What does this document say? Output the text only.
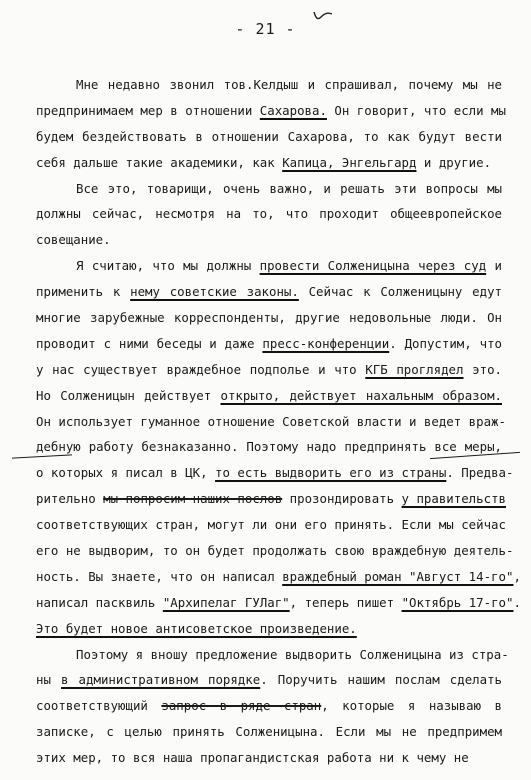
- 21 -
Мне недавно звонил тов.Келдыш и спрашивал, почему мы не
предпринимаем мер в отношении Сахарова. Он говорит, что если мы
будем бездействовать в отношении Сахарова, то как будут вести
себя дальше такие академики, как Капица, Энгельгард и другие.
Все это, товарищи, очень важно, и решать эти вопросы мы
должны сейчас, несмотря на то, что проходит общеевропейское
совещание.
Я считаю, что мы должны провести Солженицына через суд и
применить к нему советские законы. Сейчас к Солженицыну едут
многие зарубежные корреспонденты, другие недовольные люди. Он
проводит с ними беседы и даже пресс-конференции. Допустим, что
у нас существует враждебное подполье и что КГБ проглядел это.
Но Солженицын действует открыто, действует нахальным образом.
Он использует гуманное отношение Советской власти и ведет враж-
дебную работу безнаказанно. Поэтому надо предпринять все меры,
о которых я писал в ЦК, то есть выдворить его из страны. Предва-
рительно мы попросим наших послов прозондировать у правительств
соответствующих стран, могут ли они его принять. Если мы сейчас
его не выдворим, то он будет продолжать свою враждебную деятель-
ность. Вы знаете, что он написал враждебный роман "Август 14-го",
написал пасквиль "Архипелаг ГУЛаг", теперь пишет "Октябрь 17-го".
Это будет новое антисоветское произведение.
Поэтому я вношу предложение выдворить Солженицына из стра-
ны в административном порядке. Поручить нашим послам сделать
соответствующий запрос в ряде стран, которые я называю в
записке, с целью принять Солженицына. Если мы не предпримем
этих мер, то вся наша пропагандистская работа ни к чему не
